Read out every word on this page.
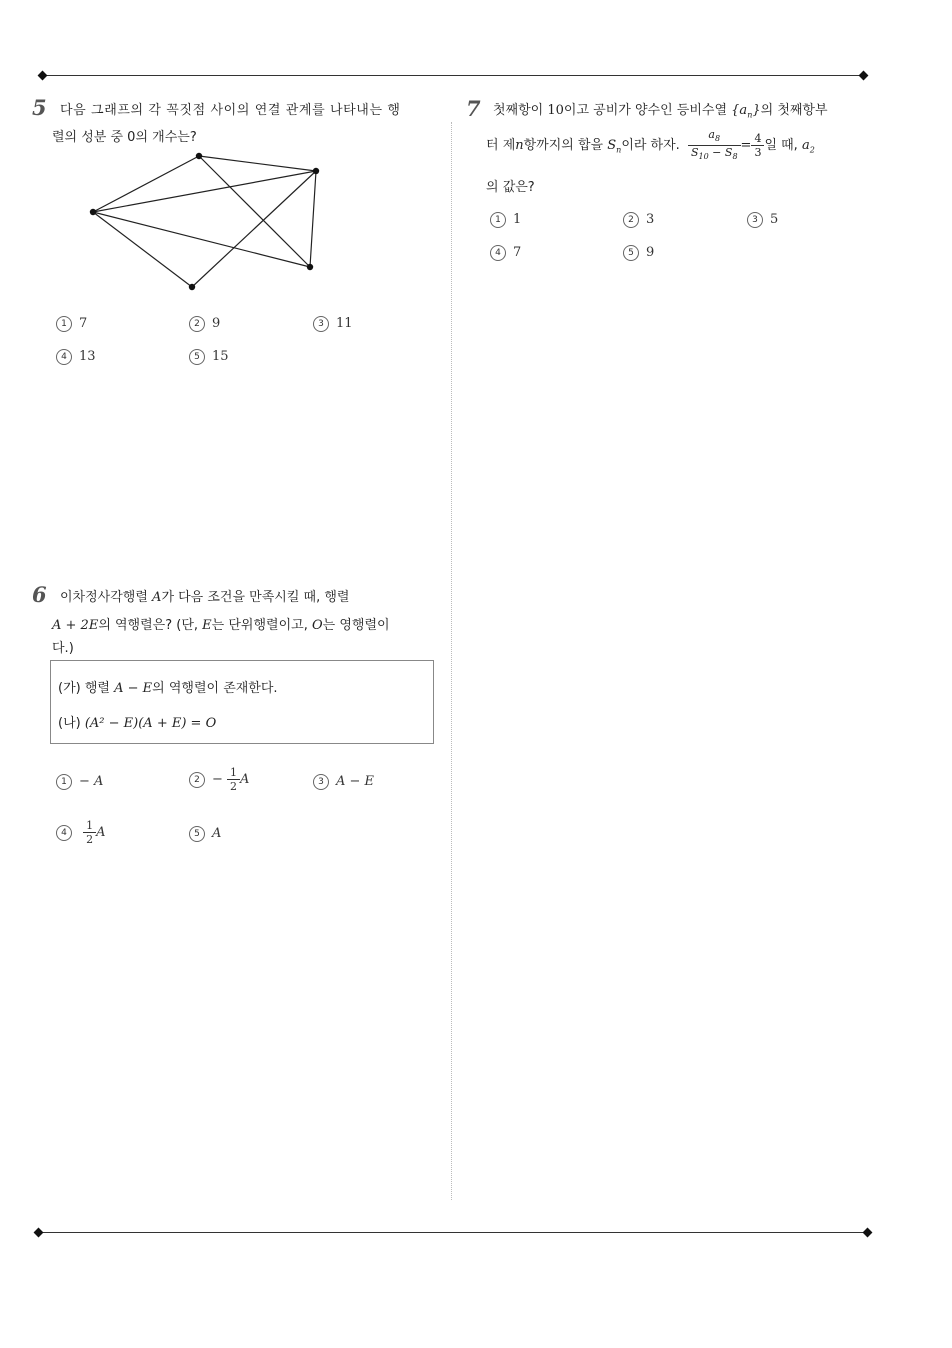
5 다음 그래프의 각 꼭짓점 사이의 연결 관계를 나타내는 행
렬의 성분 중 0의 개수는?
1 7	2 9	3 11
4 13	5 15
6 이차정사각행렬 A가 다음 조건을 만족시킬 때, 행렬
A + 2E의 역행렬은? (단, E는 단위행렬이고, O는 영행렬이
다.)
(가) 행렬 A − E의 역행렬이 존재한다.
(나) (A² − E)(A + E) = O
1 − A	$2 - \frac{1}{2}$ A	3 A − E
$4 \frac{1}{2}$ A	5 A
7 첫째항이 10이고 공비가 양수인 등비수열 $\{a_n\}$의 첫째항부
터 제n항까지의 합을 $S_n$이라 하자. $\frac{a_8}{S_{10} - S_8} = \frac{4}{3}$ 일 때, $a_2$
의 값은?
1 1	2 3	3 5
4 7	5 9
